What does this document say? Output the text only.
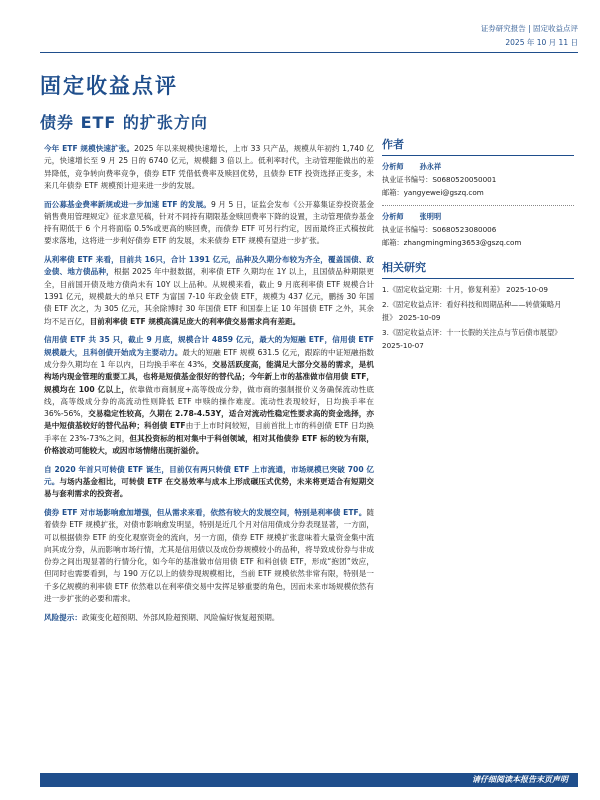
证券研究报告 | 固定收益点评
2025 年 10 月 11 日
固定收益点评
债券 ETF 的扩张方向

今年 ETF 规模快速扩张。2025 年以来规模快速增长，上市 33 只产品，规模从年初约 1,740 亿元，快速增长至 9 月 25 日的 6740 亿元，规模翻 3 倍以上。低利率时代，主动管理能做出的差异降低，竞争转向费率竞争，债券 ETF 凭借低费率及赎回优势，且债券 ETF 投资选择正变多，未来几年债券 ETF 规模预计迎来进一步的发展。

而公募基金费率新规或进一步加速 ETF 的发展。9 月 5 日，证监会发布《公开募集证券投资基金销售费用管理规定》征求意见稿，针对不同持有期限基金赎回费率下降的设置，主动管理债券基金持有期低于 6 个月将面临 0.5%或更高的赎回费，而债券 ETF 可另行约定，因而最终正式稿按此要求落地，这将进一步利好债券 ETF 的发展，未来债券 ETF 规模有望进一步扩张。

从利率债 ETF 来看，目前共 16只，合计 1391 亿元，品种及久期分布较为齐全，覆盖国债、政金债、地方债品种，根据 2025 年中报数据，利率债 ETF 久期均在 1Y 以上，且国债品种期限更全，目前国开债及地方债尚未有 10Y 以上品种。从规模来看，截止 9 月底利率债 ETF 规模合计 1391 亿元，规模最大的单只 ETF 为富国 7-10 年政金债 ETF，规模为 437 亿元，鹏扬 30 年国债 ETF 次之，为 305 亿元，其余除博时 30 年国债 ETF 和国泰上证 10 年国债 ETF 之外，其余均不足百亿，目前利率债 ETF 规模高满足庞大的利率债交易需求尚有差距。

信用债 ETF 共 35 只，截止 9 月底，规模合计 4859 亿元，最大的为短融 ETF，信用债 ETF 规模最大，且科创债开始成为主要动力。最大的短融 ETF 规模 631.5 亿元，跟踪的中证短融指数成分券久期均在 1 年以内，日均换手率在 43%，交易活跃度高，能满足大部分交易的需求，是机构场内现金管理的重要工具，也将是短债基金很好的替代品；今年新上市的基准做市信用债 ETF，规模均在 100 亿以上，依靠做市商制度+高等级成分券，做市商的强制报价义务确保流动性底线，高等级成分券的高流动性则降低 ETF 申赎的操作难度。流动性表现较好，日均换手率在 36%-56%，交易稳定性较高，久期在 2.78-4.53Y，适合对流动性稳定性要求高的资金选择，亦是中短债基较好的替代品种；科创债 ETF由于上市时间较短，目前首批上市的科创债 ETF 日均换手率在 23%-73%之间，但其投资标的相对集中于科创领域，相对其他债券 ETF 标的较为有限，价格波动可能较大，或因市场情绪出现折溢价。

自 2020 年首只可转债 ETF 诞生，目前仅有两只转债 ETF 上市流通，市场规模已突破 700 亿元。与场内基金相比，可转债 ETF 在交易效率与成本上形成碾压式优势，未来将更适合有短期交易与套利需求的投资者。

债券 ETF 对市场影响愈加增强，但从需求来看，依然有较大的发展空间，特别是利率债 ETF。随着债券 ETF 规模扩张，对债市影响愈发明显，特别是近几个月对信用债成分券表现显著，一方面，可以根据债券 ETF 的变化观察资金的流向，另一方面，债券 ETF 规模扩张意味着大量资金集中流向其成分券，从而影响市场行情，尤其是信用债以及成份券规模较小的品种，将导致成份券与非成份券之间出现显著的行情分化，如今年的基准做市信用债 ETF 和科创债 ETF，形成“抱团”效应，但同时也需要看到，与 190 万亿以上的债券现规模相比，当前 ETF 规模依然非常有限，特别是一千多亿规模的利率债 ETF 依然难以在利率债交易中发挥足够重要的角色，因而未来市场规模依然有进一步扩张的必要和需求。

风险提示：政策变化超预期、外部风险超预期、风险偏好恢复超预期。

作者
分析师 孙永祥
执业证书编号：S0680520050001
邮箱：yangyewei@gszq.com
分析师 张明明
执业证书编号：S0680523080006
邮箱：zhangmingming3653@gszq.com
相关研究
1.《固定收益定期：十月，修复利差》 2025-10-09
2.《固定收益点评：看好科技和周期品种——转债策略月报》 2025-10-09
3.《固定收益点评：十一长假的关注点与节后债市展望》 2025-10-07
请仔细阅读本报告末页声明
